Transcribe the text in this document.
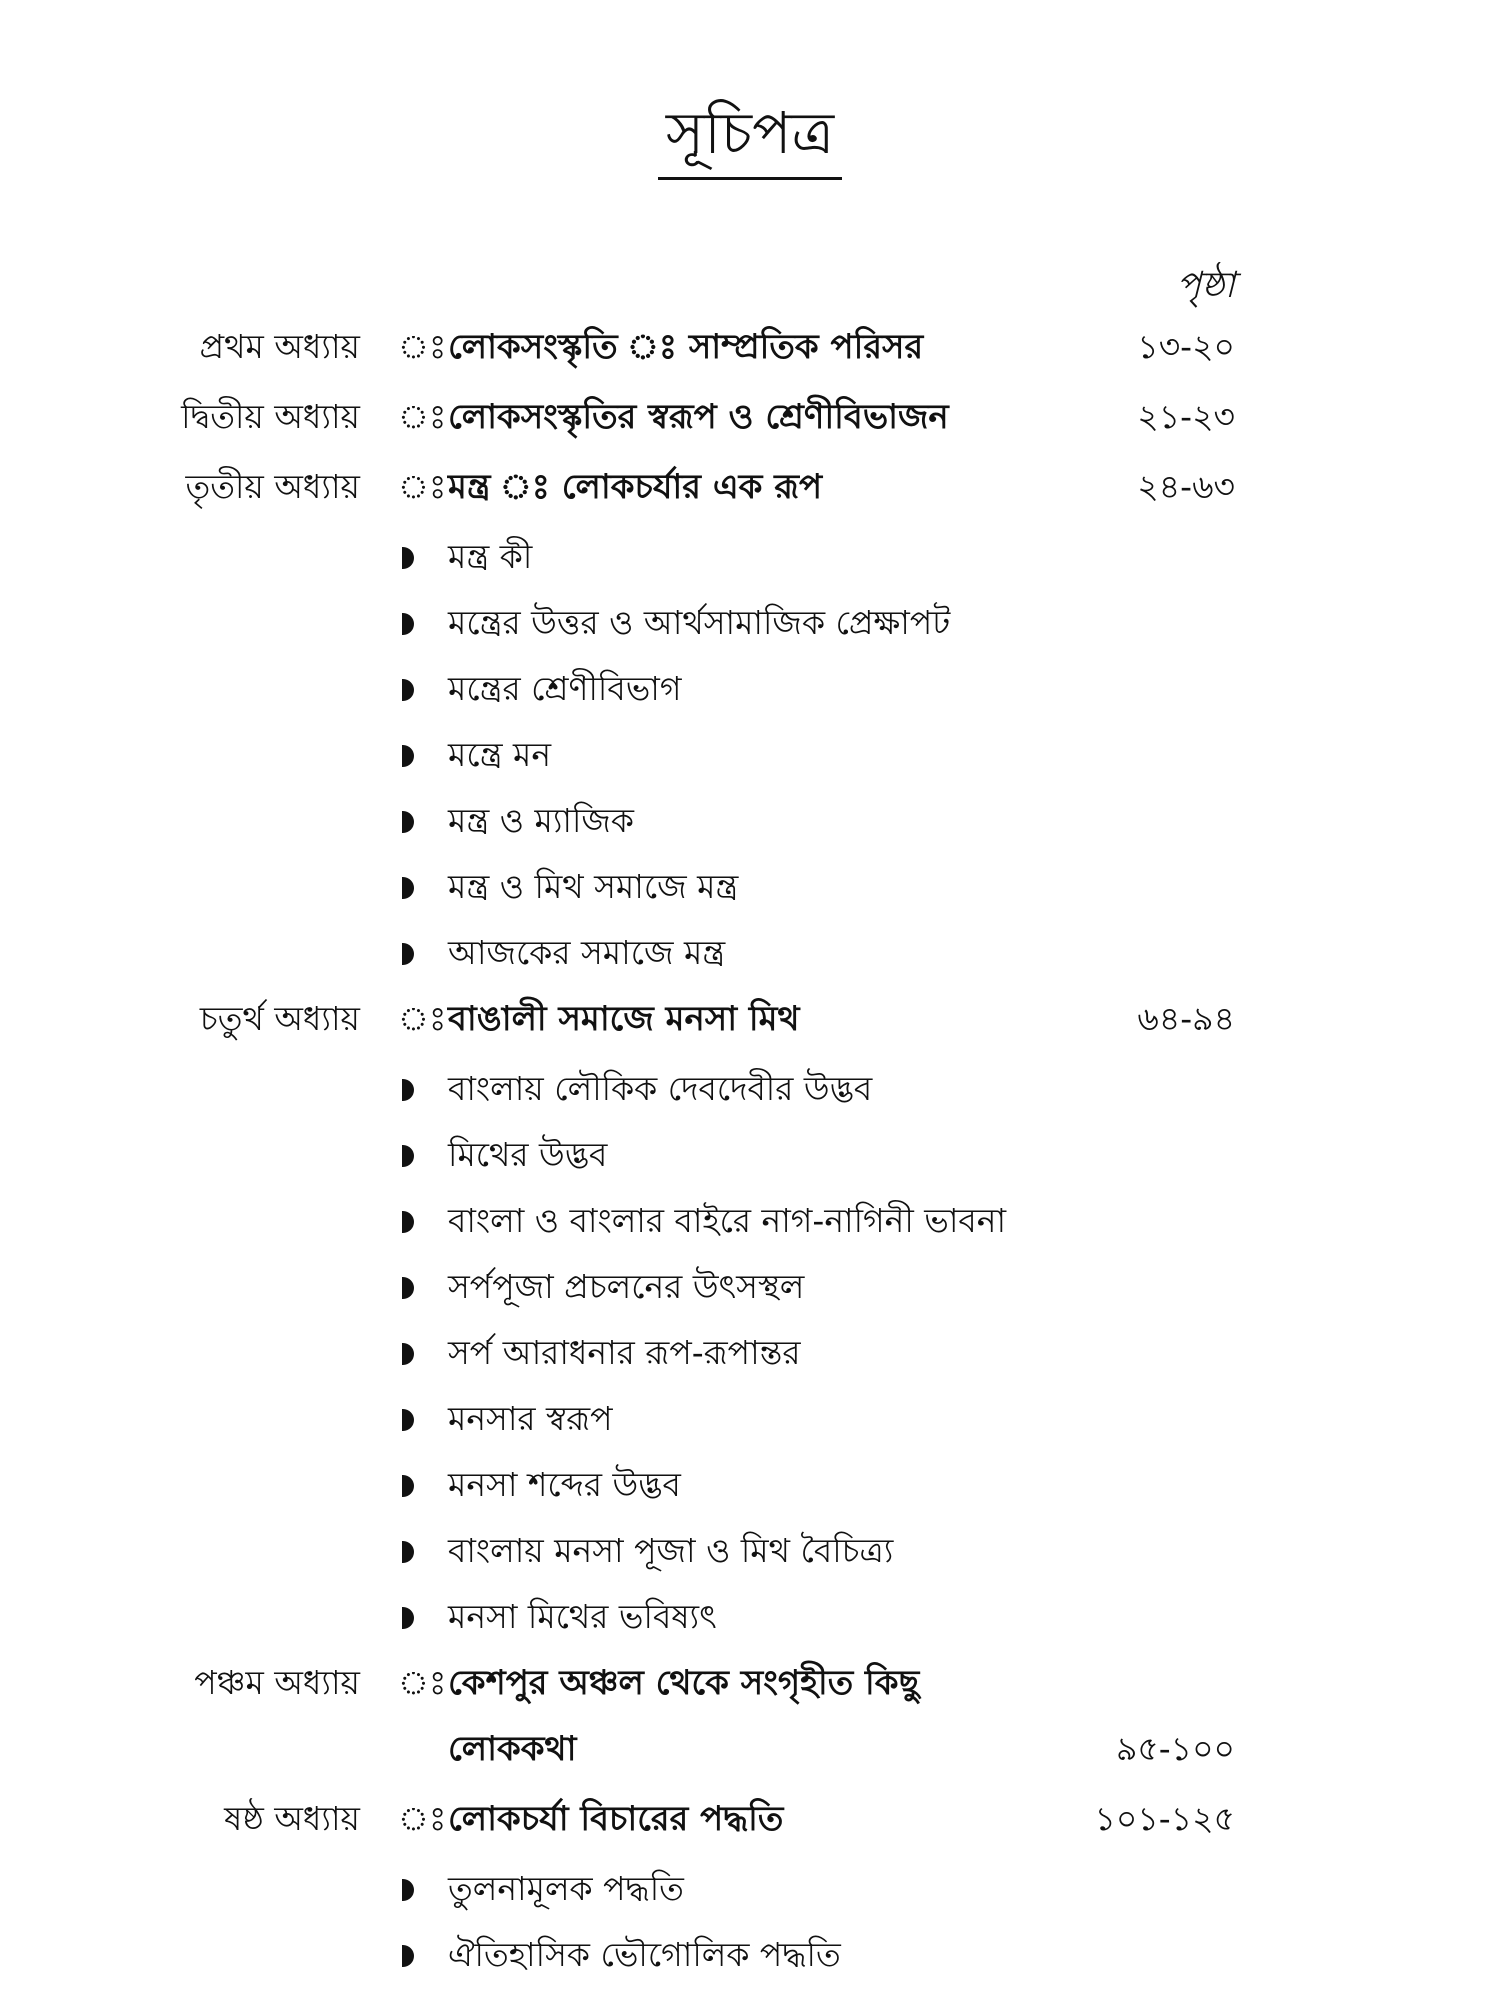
সূচিপত্র
পৃষ্ঠা
প্রথম অধ্যায় ঃ লোকসংস্কৃতি ঃ সাম্প্রতিক পরিসর	১৩-২০
দ্বিতীয় অধ্যায় ঃ লোকসংস্কৃতির স্বরূপ ও শ্রেণীবিভাজন	২১-২৩
তৃতীয় অধ্যায় ঃ মন্ত্র ঃ লোকচর্যার এক রূপ	২৪-৬৩
মন্ত্র কী
মন্ত্রের উত্তর ও আর্থসামাজিক প্রেক্ষাপট
মন্ত্রের শ্রেণীবিভাগ
মন্ত্রে মন
মন্ত্র ও ম্যাজিক
মন্ত্র ও মিথ সমাজে মন্ত্র
আজকের সমাজে মন্ত্র
চতুর্থ অধ্যায় ঃ বাঙালী সমাজে মনসা মিথ	৬৪-৯৪
বাংলায় লৌকিক দেবদেবীর উদ্ভব
মিথের উদ্ভব
বাংলা ও বাংলার বাইরে নাগ-নাগিনী ভাবনা
সর্পপূজা প্রচলনের উৎসস্থল
সর্প আরাধনার রূপ-রূপান্তর
মনসার স্বরূপ
মনসা শব্দের উদ্ভব
বাংলায় মনসা পূজা ও মিথ বৈচিত্র্য
মনসা মিথের ভবিষ্যৎ
পঞ্চম অধ্যায় ঃ কেশপুর অঞ্চল থেকে সংগৃহীত কিছু
লোককথা	৯৫-১০০
ষষ্ঠ অধ্যায় ঃ লোকচর্যা বিচারের পদ্ধতি	১০১-১২৫
তুলনামূলক পদ্ধতি
ঐতিহাসিক ভৌগোলিক পদ্ধতি
